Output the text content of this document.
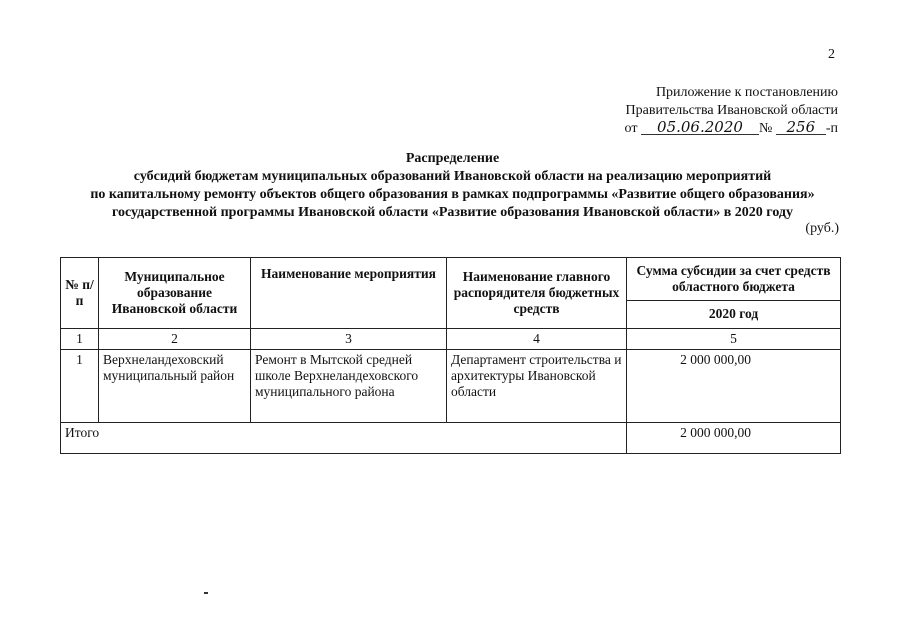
2
Приложение к постановлению
Правительства Ивановской области
от 05.06.2020 № 256 -п
Распределение
субсидий бюджетам муниципальных образований Ивановской области на реализацию мероприятий
по капитальному ремонту объектов общего образования в рамках подпрограммы «Развитие общего образования»
государственной программы Ивановской области «Развитие образования Ивановской области» в 2020 году
(руб.)
№ п/п	Муниципальное образование Ивановской области	Наименование мероприятия	Наименование главного распорядителя бюджетных средств	Сумма субсидии за счет средств областного бюджета
				2020 год
1	2	3	4	5
1	Верхнеландеховский муниципальный район	Ремонт в Мытской средней школе Верхнеландеховского муниципального района	Департамент строительства и архитектуры Ивановской области	2 000 000,00
Итого				2 000 000,00
